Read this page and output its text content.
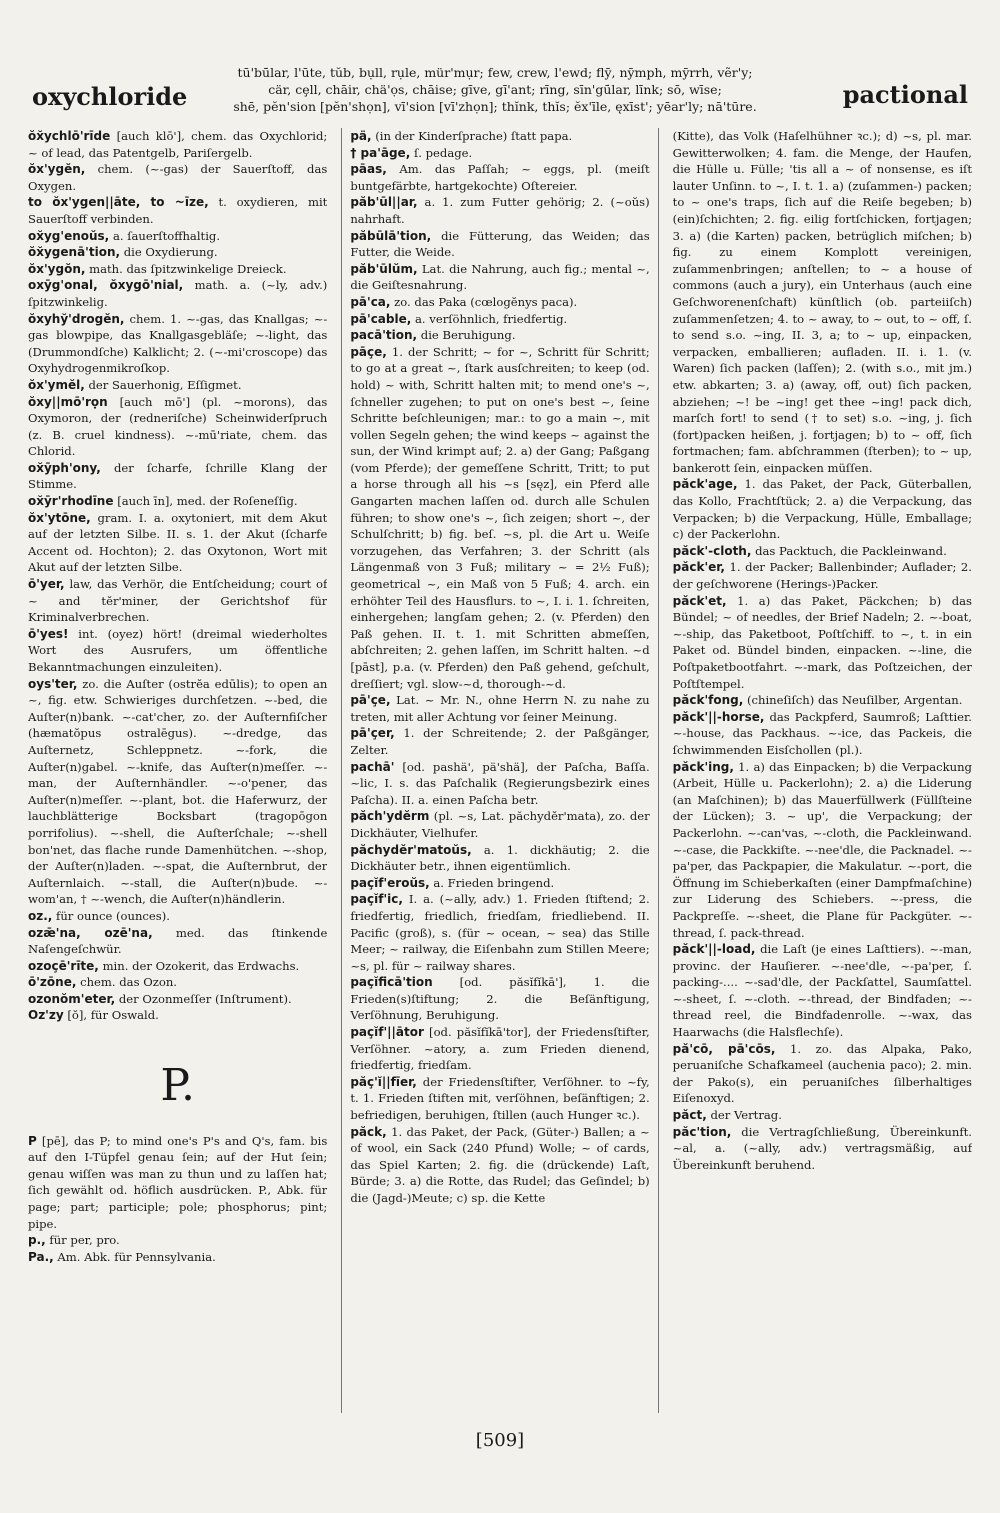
oxychloride
tū'bū̇lar, l'ūte, tŭb, bụll, rụle, mür'mụr; few, crew, l'ewd; flȳ, nȳmph, mȳrrh, vẽr'y;
cär, cȩll, chāir, chä'ọs, chāise; gīve, gī'ant; rīng, sīn'gū̇lar, līnk; sō, wīse;
shē, pĕn'sion [pĕn'shọn], vī'sion [vī'zhọn]; thĭnk, thĭs; ĕx'īle, ęxīst'; yēar'ly; nā'tūre.	pactional

ŏx̆ychlō'rīde [auch klō'], chem. das Oxychlorid; ~ of lead, das Patentgelb, Pariſergelb.

ŏx'ygĕn, chem. (~-gas) der Sauerſtoff, das Oxygen.

to ŏx'ygen||āte, to ~īze, t. oxydieren, mit Sauerſtoff verbinden.

ox̆yg'enoŭs, a. ſauerſtoffhaltig.

ŏx̆ygenā'tion, die Oxydierung.

ŏx'ygŏn, math. das ſpitzwinkelige Dreieck.

oxȳg'onal, ŏxygō'nial, math. a. (~ly, adv.) ſpitzwinkelig.

ŏxyhy̆'drogĕn, chem. 1. ~-gas, das Knallgas; ~-gas blowpipe, das Knallgasgebläſe; ~-light, das (Drummondſche) Kalklicht; 2. (~-mi'croscope) das Oxyhydrogenmikroſkop.

ŏx'ymĕl, der Sauerhonig, Eſſigmet.

ŏxy||mō'rọn [auch mō'] (pl. ~morons), das Oxymoron, der (redneriſche) Scheinwiderſpruch (z. B. cruel kindness). ~-mū'riate, chem. das Chlorid.

ox̆ȳph'ony, der ſcharfe, ſchrille Klang der Stimme.

ox̆ȳr'rhodīne [auch īn], med. der Roſeneſſig.

ŏx'ytōne, gram. I. a. oxytoniert, mit dem Akut auf der letzten Silbe. II. s. 1. der Akut (ſcharfe Accent od. Hochton); 2. das Oxytonon, Wort mit Akut auf der letzten Silbe.

ō'yer, law, das Verhör, die Entſcheidung; court of ~ and tĕr'miner, der Gerichtshof für Kriminalverbrechen.

ō'yes! int. (oyez) hört! (dreimal wiederholtes Wort des Ausrufers, um öffentliche Bekanntmachungen einzuleiten).

oys'ter, zo. die Auſter (ostrĕa edūlis); to open an ~, fig. etw. Schwieriges durchſetzen. ~-bed, die Auſter(n)bank. ~-cat'cher, zo. der Auſternfiſcher (hæmatŏpus ostralēgus). ~-dredge, das Auſternetz, Schleppnetz. ~-fork, die Auſter(n)gabel. ~-knife, das Auſter(n)meſſer. ~-man, der Auſternhändler. ~-o'pener, das Auſter(n)meſſer. ~-plant, bot. die Haferwurz, der lauchblätterige Bocksbart (tragopōgon porrifolius). ~-shell, die Auſterſchale; ~-shell bon'net, das flache runde Damenhütchen. ~-shop, der Auſter(n)laden. ~-spat, die Auſternbrut, der Auſternlaich. ~-stall, die Auſter(n)bude. ~-wom'an, † ~-wench, die Auſter(n)händlerin.

oz., für ounce (ounces).

ozǣ'na, ozē'na, med. das ſtinkende Naſengeſchwür.

ozoçē'rīte, min. der Ozokerit, das Erdwachs.

ō'zōne, chem. das Ozon.

ozonŏm'eter, der Ozonmeſſer (Inſtrument).

Oz'zy [ŏ], für Oswald.

P.

P [pē], das P; to mind one's P's and Q's, fam. bis auf den I-Tüpfel genau ſein; auf der Hut ſein; genau wiſſen was man zu thun und zu laſſen hat; ſich gewählt od. höflich ausdrücken. P., Abk. für page; part; participle; pole; phosphorus; pint; pipe.

p., für per, pro.

Pa., Am. Abk. für Pennsylvania.

pä, (in der Kinderſprache) ſtatt papa.

† pa'āge, ſ. pedage.

pāas, Am. das Paſſah; ~ eggs, pl. (meiſt buntgefärbte, hartgekochte) Oſtereier.

păb'ūl||ar, a. 1. zum Futter gehörig; 2. (~oŭs) nahrhaft.

păbūlā'tion, die Fütterung, das Weiden; das Futter, die Weide.

păb'ūlŭm, Lat. die Nahrung, auch fig.; mental ~, die Geiſtesnahrung.

pā'ca, zo. das Paka (cœlogĕnys paca).

pā'cable, a. verſöhnlich, friedfertig.

pacā'tion, die Beruhigung.

pāçe, 1. der Schritt; ~ for ~, Schritt für Schritt; to go at a great ~, ſtark ausſchreiten; to keep (od. hold) ~ with, Schritt halten mit; to mend one's ~, ſchneller zugehen; to put on one's best ~, ſeine Schritte beſchleunigen; mar.: to go a main ~, mit vollen Segeln gehen; the wind keeps ~ against the sun, der Wind krimpt auf; 2. a) der Gang; Paßgang (vom Pferde); der gemeſſene Schritt, Tritt; to put a horse through all his ~s [sęz], ein Pferd alle Gangarten machen laſſen od. durch alle Schulen führen; to show one's ~, ſich zeigen; short ~, der Schulſchritt; b) fig. beſ. ~s, pl. die Art u. Weiſe vorzugehen, das Verfahren; 3. der Schritt (als Längenmaß von 3 Fuß; military ~ = 2½ Fuß); geometrical ~, ein Maß von 5 Fuß; 4. arch. ein erhöhter Teil des Hausflurs. to ~, I. i. 1. ſchreiten, einhergehen; langſam gehen; 2. (v. Pferden) den Paß gehen. II. t. 1. mit Schritten abmeſſen, abſchreiten; 2. gehen laſſen, im Schritt halten. ~d [pāst], p.a. (v. Pferden) den Paß gehend, geſchult, dreſſiert; vgl. slow-~d, thorough-~d.

pā'çe, Lat. ~ Mr. N., ohne Herrn N. zu nahe zu treten, mit aller Achtung vor ſeiner Meinung.

pā'çer, 1. der Schreitende; 2. der Paßgänger, Zelter.

pachā' [od. pashä', pä'shä], der Paſcha, Baſſa. ~lic, I. s. das Paſchalik (Regierungsbezirk eines Paſcha). II. a. einen Paſcha betr.

păch'ydĕrm (pl. ~s, Lat. păchydĕr'mata), zo. der Dickhäuter, Vielhufer.

păchydĕr'matoŭs, a. 1. dickhäutig; 2. die Dickhäuter betr., ihnen eigentümlich.

paçĭf'eroŭs, a. Frieden bringend.

paçĭf'ic, I. a. (~ally, adv.) 1. Frieden ſtiftend; 2. friedfertig, friedlich, friedſam, friedliebend. II. Pacific (groß), s. (für ~ ocean, ~ sea) das Stille Meer; ~ railway, die Eiſenbahn zum Stillen Meere; ~s, pl. für ~ railway shares.

paçĭficā'tion [od. păsĭfĭkā'], 1. die Frieden(s)ſtiftung; 2. die Beſänftigung, Verſöhnung, Beruhigung.

paçĭf'||ātor [od. păsĭfĭkā'tor], der Friedensſtifter, Verſöhner. ~atory, a. zum Frieden dienend, friedfertig, friedſam.

păç'ĭ||fīer, der Friedensſtifter, Verſöhner. to ~fy, t. 1. Frieden ſtiften mit, verſöhnen, beſänftigen; 2. befriedigen, beruhigen, ſtillen (auch Hunger ꝛc.).

păck, 1. das Paket, der Pack, (Güter-) Ballen; a ~ of wool, ein Sack (240 Pfund) Wolle; ~ of cards, das Spiel Karten; 2. fig. die (drückende) Laſt, Bürde; 3. a) die Rotte, das Rudel; das Geſindel; b) die (Jagd-)Meute; c) sp. die Kette

(Kitte), das Volk (Haſelhühner ꝛc.); d) ~s, pl. mar. Gewitterwolken; 4. fam. die Menge, der Haufen, die Hülle u. Fülle; 'tis all a ~ of nonsense, es iſt lauter Unſinn. to ~, I. t. 1. a) (zuſammen-) packen; to ~ one's traps, ſich auf die Reiſe begeben; b) (ein)ſchichten; 2. fig. eilig fortſchicken, fortjagen; 3. a) (die Karten) packen, betrüglich miſchen; b) fig. zu einem Komplott vereinigen, zuſammenbringen; anſtellen; to ~ a house of commons (auch a jury), ein Unterhaus (auch eine Geſchworenenſchaft) künſtlich (ob. parteiiſch) zuſammenſetzen; 4. to ~ away, to ~ out, to ~ off, ſ. to send s.o. ~ing, II. 3, a; to ~ up, einpacken, verpacken, emballieren; aufladen. II. i. 1. (v. Waren) ſich packen (laſſen); 2. (with s.o., mit jm.) etw. abkarten; 3. a) (away, off, out) ſich packen, abziehen; ~! be ~ing! get thee ~ing! pack dich, marſch fort! to send († to set) s.o. ~ing, j. ſich (fort)packen heißen, j. fortjagen; b) to ~ off, ſich fortmachen; fam. abſchrammen (ſterben); to ~ up, bankerott ſein, einpacken müſſen.

păck'age, 1. das Paket, der Pack, Güterballen, das Kollo, Frachtſtück; 2. a) die Verpackung, das Verpacken; b) die Verpackung, Hülle, Emballage; c) der Packerlohn.

păck'-cloth, das Packtuch, die Packleinwand.

păck'er, 1. der Packer; Ballenbinder; Auflader; 2. der geſchworene (Herings-)Packer.

păck'et, 1. a) das Paket, Päckchen; b) das Bündel; ~ of needles, der Brief Nadeln; 2. ~-boat, ~-ship, das Paketboot, Poſtſchiff. to ~, t. in ein Paket od. Bündel binden, einpacken. ~-line, die Poſtpaketbootfahrt. ~-mark, das Poſtzeichen, der Poſtſtempel.

păck'fong, (chineſiſch) das Neuſilber, Argentan.

păck'||-horse, das Packpferd, Saumroß; Laſttier. ~-house, das Packhaus. ~-ice, das Packeis, die ſchwimmenden Eisſchollen (pl.).

păck'ing, 1. a) das Einpacken; b) die Verpackung (Arbeit, Hülle u. Packerlohn); 2. a) die Liderung (an Maſchinen); b) das Mauerfüllwerk (Füllſteine der Lücken); 3. ~ up', die Verpackung; der Packerlohn. ~-can'vas, ~-cloth, die Packleinwand. ~-case, die Packkiſte. ~-nee'dle, die Packnadel. ~-pa'per, das Packpapier, die Makulatur. ~-port, die Öffnung im Schieberkaſten (einer Dampfmaſchine) zur Liderung des Schiebers. ~-press, die Packpreſſe. ~-sheet, die Plane für Packgüter. ~-thread, ſ. pack-thread.

păck'||-load, die Laſt (je eines Laſttiers). ~-man, provinc. der Hauſierer. ~-nee'dle, ~-pa'per, ſ. packing-.... ~-sad'dle, der Packſattel, Saumſattel. ~-sheet, ſ. ~-cloth. ~-thread, der Bindfaden; ~-thread reel, die Bindfadenrolle. ~-wax, das Haarwachs (die Halsflechſe).

pă'cō, pā'cōs, 1. zo. das Alpaka, Pako, peruaniſche Schafkameel (auchenia paco); 2. min. der Pako(s), ein peruaniſches ſilberhaltiges Eiſenoxyd.

păct, der Vertrag.

păc'tion, die Vertragſchließung, Übereinkunft. ~al, a. (~ally, adv.) vertragsmäßig, auf Übereinkunft beruhend.

[509]
